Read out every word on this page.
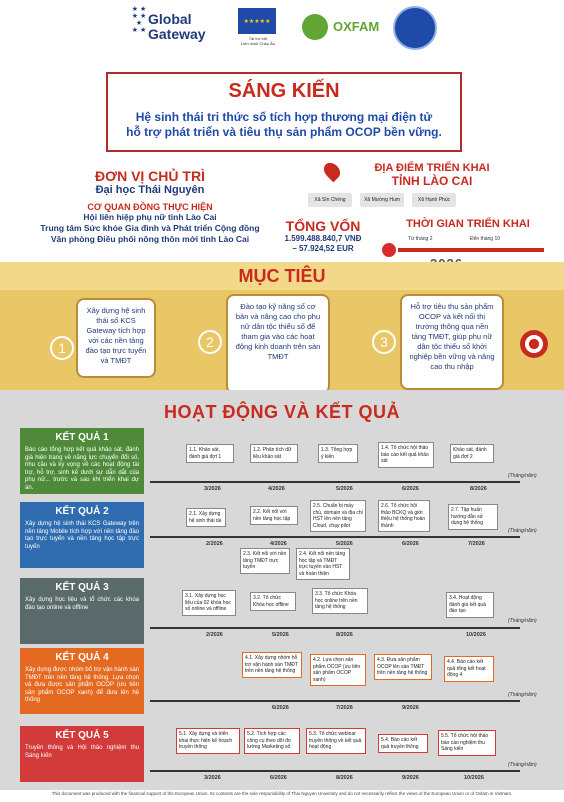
★ ★
★ ★ ★
★ ★
Global
Gateway
★★★★★
Tài trợ bởi
Liên minh Châu Âu
OXFAM
SÁNG KIẾN
Hệ sinh thái tri thức số tích hợp thương mại điện tử
hỗ trợ phát triển và tiêu thụ sản phẩm OCOP bền vững.
ĐƠN VỊ CHỦ TRÌ
Đại học Thái Nguyên
CƠ QUAN ĐỒNG THỰC HIỆN
Hội liên hiệp phụ nữ tỉnh Lào Cai
Trung tâm Sức khỏe Gia đình và Phát triển Cộng đồng
Văn phòng Điều phối nông thôn mới tỉnh Lào Cai
ĐỊA ĐIỂM TRIỂN KHAI
TỈNH LÀO CAI
Xã Sìn Chéng	Xã Mường Hum	Xã Hạnh Phúc
TỔNG VỐN
1.599.488.840,7 VNĐ
– 57.924,52 EUR
THỜI GIAN TRIỂN KHAI
Từ tháng 2	Đến tháng 10
MỤC TIÊU
1
Xây dựng hệ sinh thái số KCS Gateway tích hợp với các nền tảng đào tạo trực tuyến và TMĐT
2
Đào tạo kỹ năng số cơ bản và nâng cao cho phụ nữ dân tộc thiểu số để tham gia vào các hoạt động kinh doanh trên sàn TMĐT
3
Hỗ trợ tiêu thụ sản phẩm OCOP và kết nối thị trường thông qua nền tảng TMĐT, giúp phụ nữ dân tộc thiểu số khởi nghiệp bền vững và nâng cao thu nhập
HOẠT ĐỘNG VÀ KẾT QUẢ
KẾT QUẢ 1
Báo cáo tổng hợp kết quả khảo sát, đánh giá hiện trạng về năng lực chuyển đổi số, nhu cầu và kỳ vọng về các hoạt động tài trợ, hỗ trợ, sinh kế dưới sự dẫn dắt của phụ nữ... trước và sau khi triển khai dự án.
1.1. Khảo sát, đánh giá đợt 1
1.2. Phân tích dữ liệu khảo sát
1.3. Tổng hợp ý kiến
1.4. Tổ chức hội thảo báo cáo kết quả khảo sát
Khảo sát, đánh giá đợt 2
3/2026	4/2026	5/2026	6/2026	8/2026
(Tháng/năm)
KẾT QUẢ 2
Xây dựng hệ sinh thái KCS Gateway trên nền tảng Mobile tích hợp với nền tảng đào tạo trực tuyến và nền tảng học tập trực tuyến
2.1. Xây dựng hệ sinh thái tài
2.2. Kết nối với nền tảng học tập
2.5. Chuẩn bị máy chủ, domain và địa chỉ HST lên nền tảng Cloud, chạy pilot
2.6. Tổ chức hội thảo BCKQ và giới thiệu hệ thống hoàn thành
2.7. Tập huấn hướng dẫn sử dụng hệ thống
2.3. Kết nối với nền tảng TMĐT trực tuyến
2.4. Kết nối nền tảng học tập và TMĐT trực tuyến vào HST và hoàn thiện
2/2026	4/2026	5/2026	6/2026	7/2026
(Tháng/năm)
KẾT QUẢ 3
Xây dựng học liệu và tổ chức các khóa đào tạo online và offline
3.1. Xây dựng học liệu của 02 khóa học số online và offline
3.2. Tổ chức Khóa học offline
3.3. Tổ chức Khóa học online trên nền tảng hệ thống
3.4. Hoạt động đánh giá kết quả đào tạo
2/2026	5/2026	8/2026	10/2026
(Tháng/năm)
KẾT QUẢ 4
Xây dựng được nhóm bổ trợ vận hành sàn TMĐT trên nền tảng hệ thống. Lựa chọn và đưa được sản phẩm OCOP (ưu tiên sản phẩm OCOP xanh) để đưa lên hệ thống
4.1. Xây dựng nhóm hỗ trợ vận hành sàn TMĐT trên nền tảng hệ thống
4.2. Lựa chọn sản phẩm OCOP (ưu tiên sản phẩm OCOP xanh)
4.3. Đưa sản phẩm OCOP lên sàn TMĐT trên nền tảng hệ thống
4.4. Báo cáo kết quả tổng kết hoạt động 4
6/2026	7/2026	9/2026
(Tháng/năm)
KẾT QUẢ 5
Truyền thông và Hội thảo nghiệm thu Sáng kiến
5.1. Xây dựng và triển khai thực hiện kế hoạch truyền thông
5.2. Tích hợp các công cụ theo dõi đo lường Marketing số
5.3. Tổ chức webinar truyền thông về kết quả hoạt động
5.4. Báo cáo kết quả truyền thông
5.5. Tổ chức hội thảo báo cáo nghiệm thu Sáng kiến
3/2026	6/2026	8/2026	9/2026	10/2026
(Tháng/năm)
This document was produced with the financial support of the European Union. Its contents are the sole responsibility of Thai Nguyen University and do not necessarily reflect the views of the European Union or of Oxfam in Vietnam.
